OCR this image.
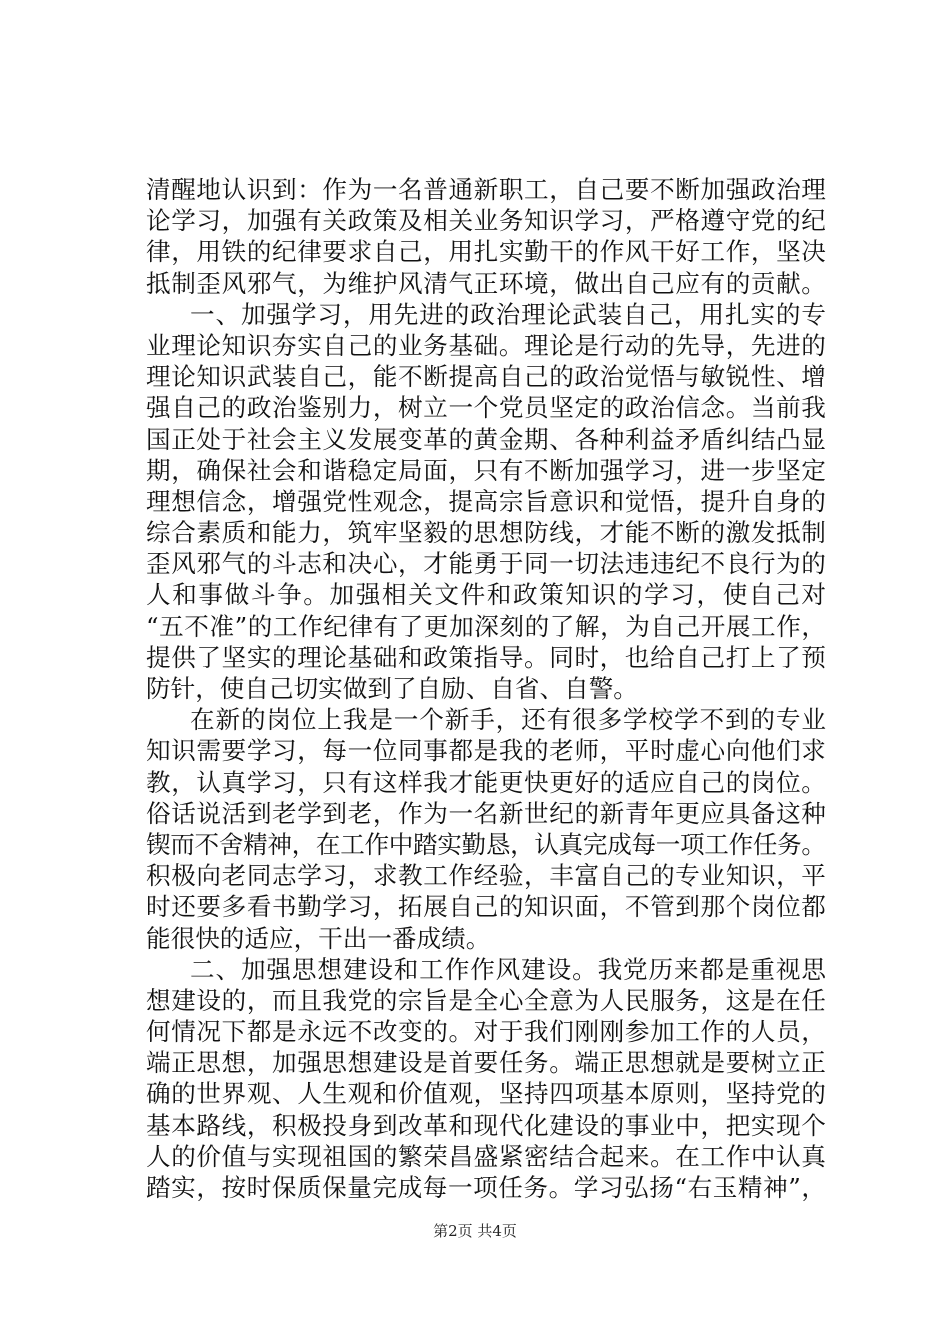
清醒地认识到：作为一名普通新职工，自己要不断加强政治理
论学习，加强有关政策及相关业务知识学习，严格遵守党的纪
律，用铁的纪律要求自己，用扎实勤干的作风干好工作，坚决
抵制歪风邪气，为维护风清气正环境，做出自己应有的贡献。
一、加强学习，用先进的政治理论武装自己，用扎实的专
业理论知识夯实自己的业务基础。理论是行动的先导，先进的
理论知识武装自己，能不断提高自己的政治觉悟与敏锐性、增
强自己的政治鉴别力，树立一个党员坚定的政治信念。当前我
国正处于社会主义发展变革的黄金期、各种利益矛盾纠结凸显
期，确保社会和谐稳定局面，只有不断加强学习，进一步坚定
理想信念，增强党性观念，提高宗旨意识和觉悟，提升自身的
综合素质和能力，筑牢坚毅的思想防线，才能不断的激发抵制
歪风邪气的斗志和决心，才能勇于同一切法违违纪不良行为的
人和事做斗争。加强相关文件和政策知识的学习，使自己对
“五不准”的工作纪律有了更加深刻的了解，为自己开展工作，
提供了坚实的理论基础和政策指导。同时，也给自己打上了预
防针，使自己切实做到了自励、自省、自警。
在新的岗位上我是一个新手，还有很多学校学不到的专业
知识需要学习，每一位同事都是我的老师，平时虚心向他们求
教，认真学习，只有这样我才能更快更好的适应自己的岗位。
俗话说活到老学到老，作为一名新世纪的新青年更应具备这种
锲而不舍精神，在工作中踏实勤恳，认真完成每一项工作任务。
积极向老同志学习，求教工作经验，丰富自己的专业知识，平
时还要多看书勤学习，拓展自己的知识面，不管到那个岗位都
能很快的适应，干出一番成绩。
二、加强思想建设和工作作风建设。我党历来都是重视思
想建设的，而且我党的宗旨是全心全意为人民服务，这是在任
何情况下都是永远不改变的。对于我们刚刚参加工作的人员，
端正思想，加强思想建设是首要任务。端正思想就是要树立正
确的世界观、人生观和价值观，坚持四项基本原则，坚持党的
基本路线，积极投身到改革和现代化建设的事业中，把实现个
人的价值与实现祖国的繁荣昌盛紧密结合起来。在工作中认真
踏实，按时保质保量完成每一项任务。学习弘扬“右玉精神”，
第2页 共4页
